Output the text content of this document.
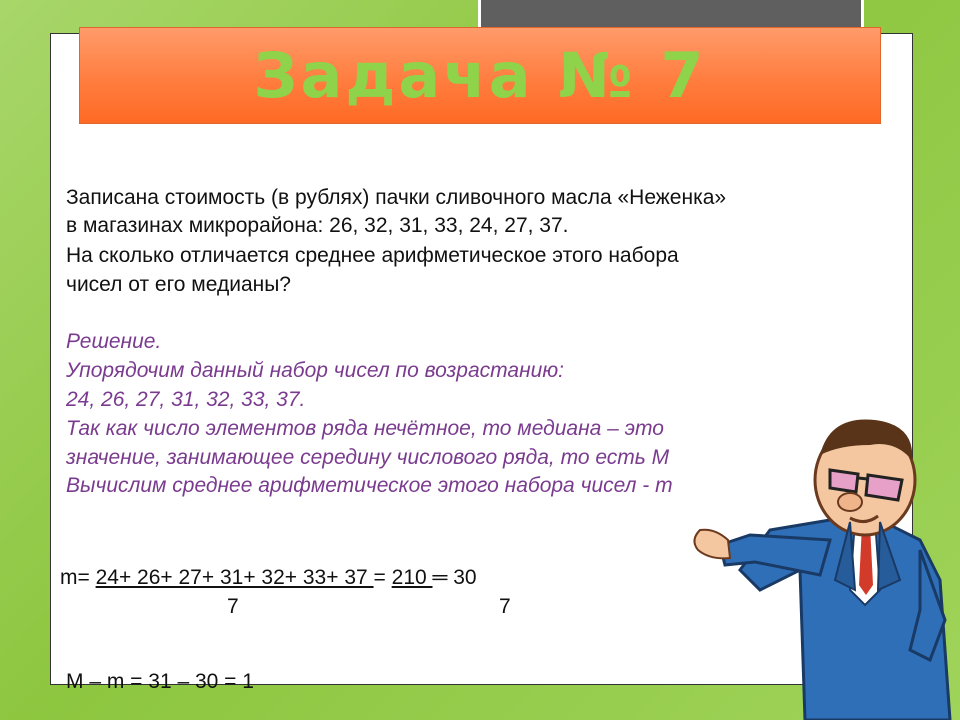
Задача № 7
Записана стоимость (в рублях) пачки сливочного масла «Неженка»
в магазинах микрорайона: 26, 32, 31, 33, 24, 27, 37.
На сколько отличается среднее арифметическое этого набора
чисел от его медианы?
Решение.
Упорядочим данный набор чисел по возрастанию:
24, 26, 27, 31, 32, 33, 37.
Так как число элементов ряда нечётное, то медиана – это
значение, занимающее середину числового ряда, то есть M
Вычислим среднее арифметическое этого набора чисел - m
m= 24+ 26+ 27+ 31+ 32+ 33+ 37 = 210 ═ 30
7	7
M – m = 31 – 30 = 1
